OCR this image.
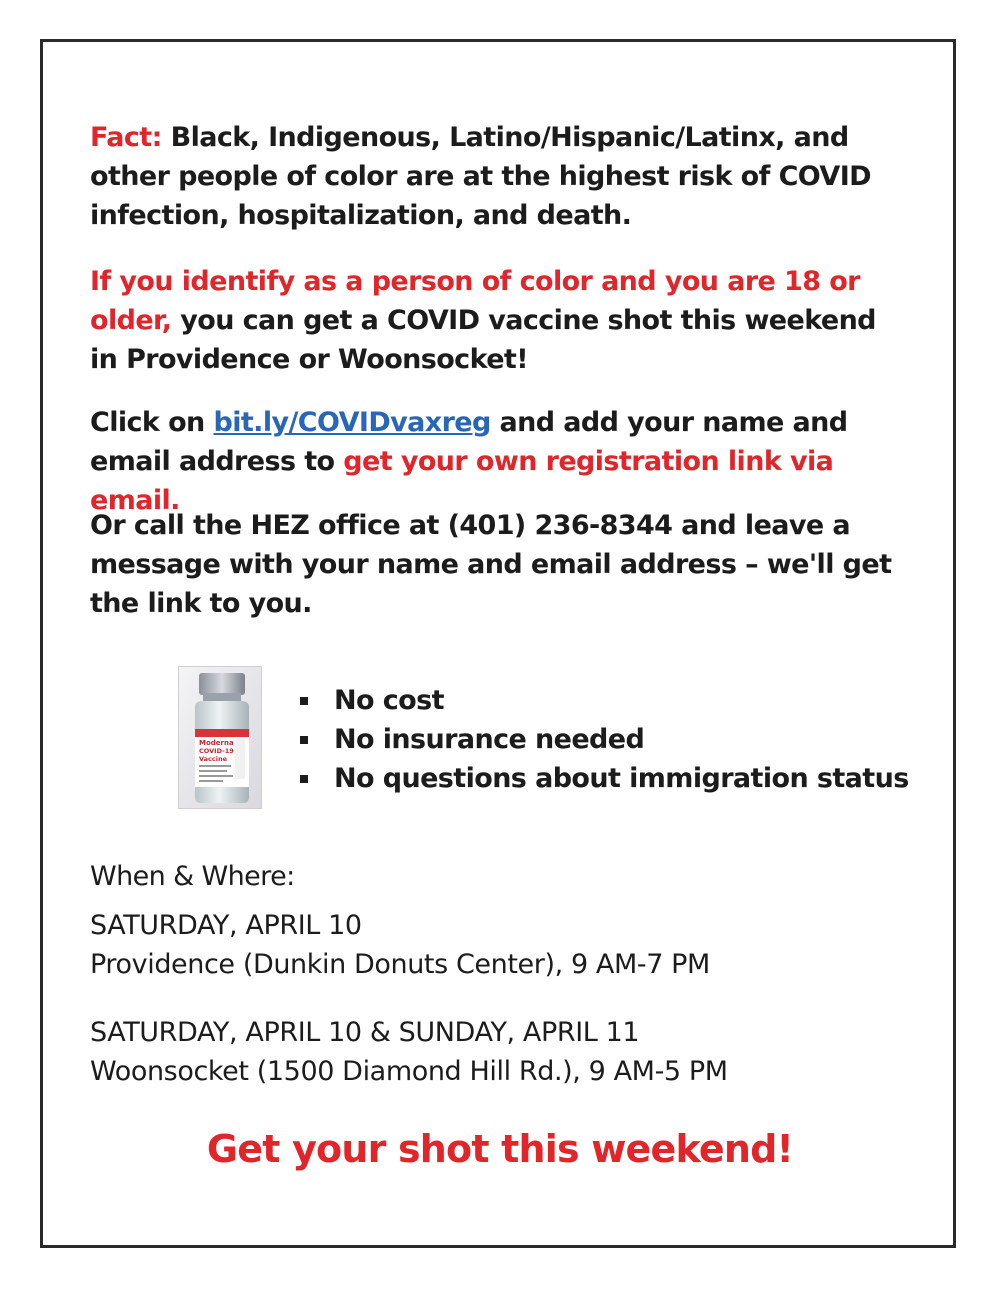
Fact: Black, Indigenous, Latino/Hispanic/Latinx, and other people of color are at the highest risk of COVID infection, hospitalization, and death.

If you identify as a person of color and you are 18 or older, you can get a COVID vaccine shot this weekend in Providence or Woonsocket!

Click on bit.ly/COVIDvaxreg and add your name and email address to get your own registration link via email.

Or call the HEZ office at (401) 236-8344 and leave a message with your name and email address – we'll get the link to you.

Moderna
COVID-19
Vaccine
No cost
No insurance needed
No questions about immigration status
When & Where:
SATURDAY, APRIL 10
Providence (Dunkin Donuts Center), 9 AM-7 PM
SATURDAY, APRIL 10 & SUNDAY, APRIL 11
Woonsocket (1500 Diamond Hill Rd.), 9 AM-5 PM
Get your shot this weekend!
